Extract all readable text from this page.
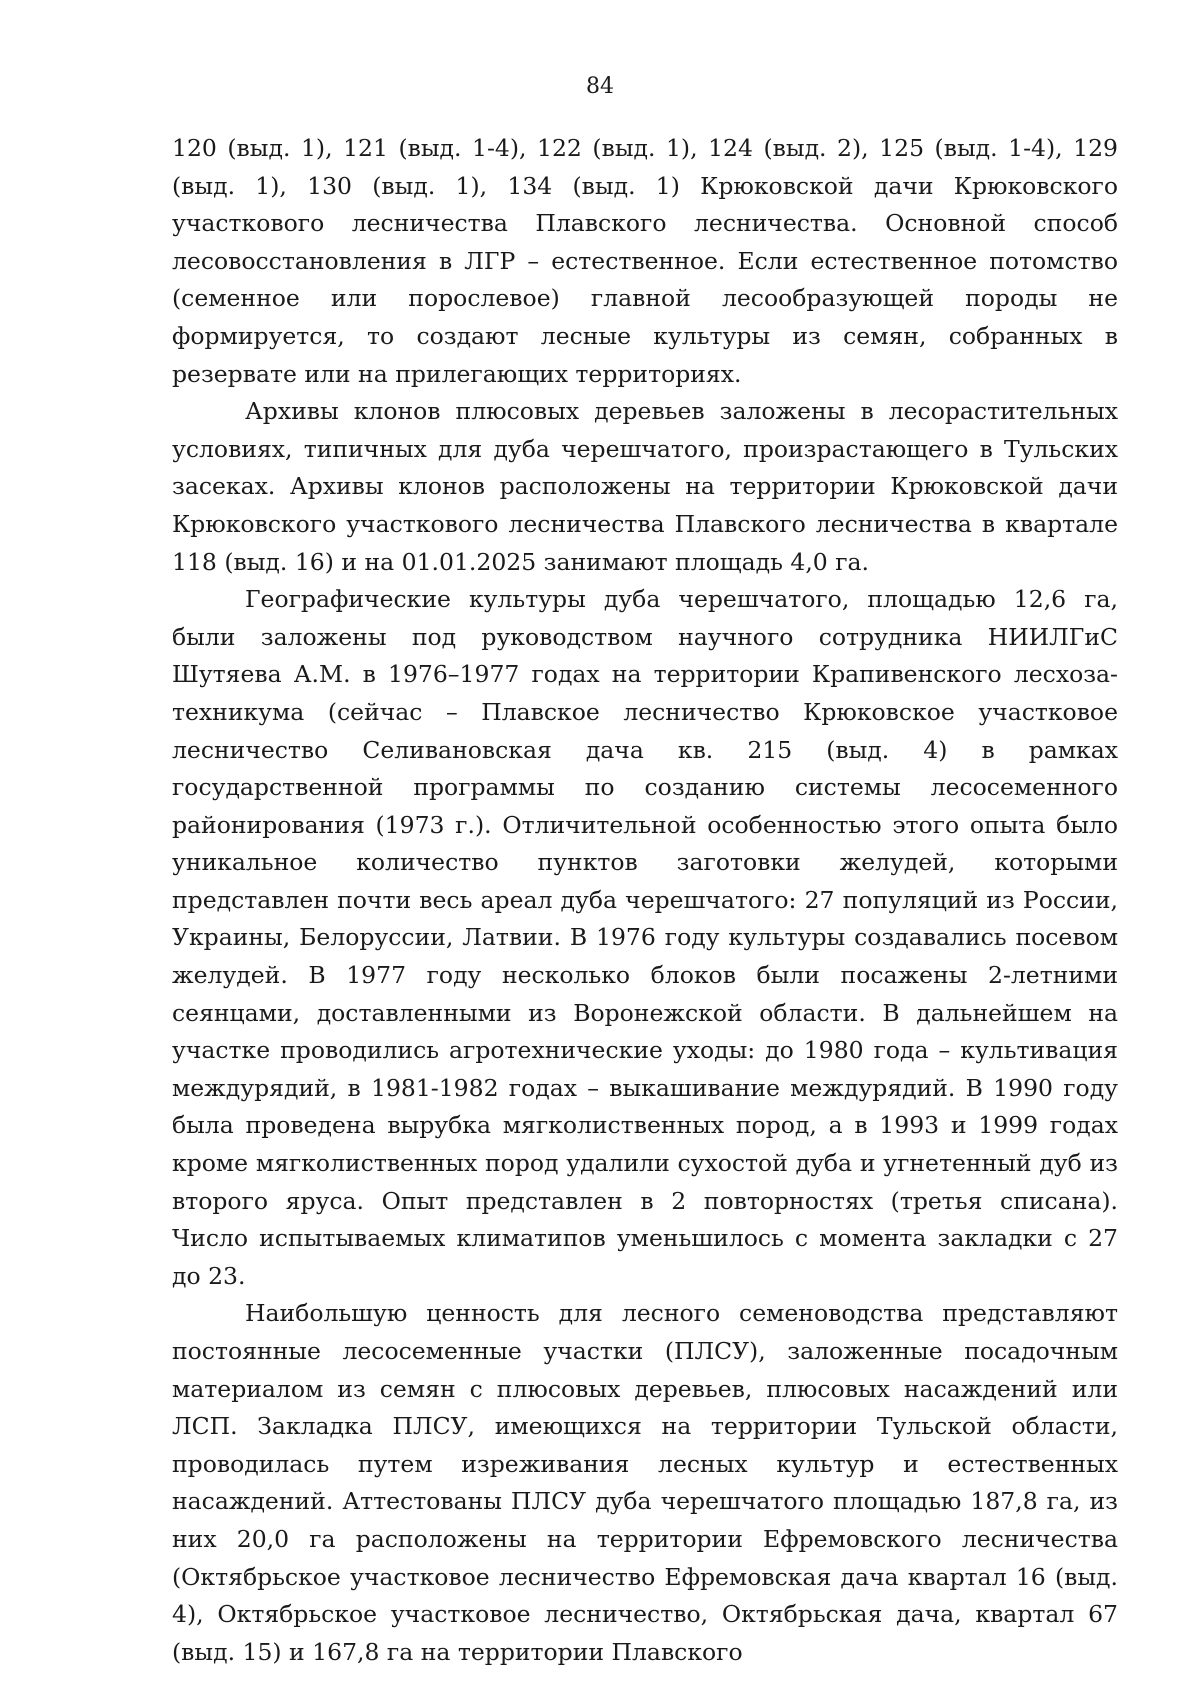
84

120 (выд. 1), 121 (выд. 1-4), 122 (выд. 1), 124 (выд. 2), 125 (выд. 1-4), 129 (выд. 1), 130 (выд. 1), 134 (выд. 1) Крюковской дачи Крюковского участкового лесничества Плавского лесничества. Основной способ лесовосстановления в ЛГР – естественное. Если естественное потомство (семенное или порослевое) главной лесообразующей породы не формируется, то создают лесные культуры из семян, собранных в резервате или на прилегающих территориях.

Архивы клонов плюсовых деревьев заложены в лесорастительных условиях, типичных для дуба черешчатого, произрастающего в Тульских засеках. Архивы клонов расположены на территории Крюковской дачи Крюковского участкового лесничества Плавского лесничества в квартале 118 (выд. 16) и на 01.01.2025 занимают площадь 4,0 га.

Географические культуры дуба черешчатого, площадью 12,6 га, были заложены под руководством научного сотрудника НИИЛГиС Шутяева А.М. в 1976–1977 годах на территории Крапивенского лесхоза-техникума (сейчас – Плавское лесничество Крюковское участковое лесничество Селивановская дача кв. 215 (выд. 4) в рамках государственной программы по созданию системы лесосеменного районирования (1973 г.). Отличительной особенностью этого опыта было уникальное количество пунктов заготовки желудей, которыми представлен почти весь ареал дуба черешчатого: 27 популяций из России, Украины, Белоруссии, Латвии. В 1976 году культуры создавались посевом желудей. В 1977 году несколько блоков были посажены 2-летними сеянцами, доставленными из Воронежской области. В дальнейшем на участке проводились агротехнические уходы: до 1980 года – культивация междурядий, в 1981-1982 годах – выкашивание междурядий. В 1990 году была проведена вырубка мягколиственных пород, а в 1993 и 1999 годах кроме мягколиственных пород удалили сухостой дуба и угнетенный дуб из второго яруса. Опыт представлен в 2 повторностях (третья списана). Число испытываемых климатипов уменьшилось с момента закладки с 27 до 23.

Наибольшую ценность для лесного семеноводства представляют постоянные лесосеменные участки (ПЛСУ), заложенные посадочным материалом из семян с плюсовых деревьев, плюсовых насаждений или ЛСП. Закладка ПЛСУ, имеющихся на территории Тульской области, проводилась путем изреживания лесных культур и естественных насаждений. Аттестованы ПЛСУ дуба черешчатого площадью 187,8 га, из них 20,0 га расположены на территории Ефремовского лесничества (Октябрьское участковое лесничество Ефремовская дача квартал 16 (выд. 4), Октябрьское участковое лесничество, Октябрьская дача, квартал 67 (выд. 15) и 167,8 га на территории Плавского
